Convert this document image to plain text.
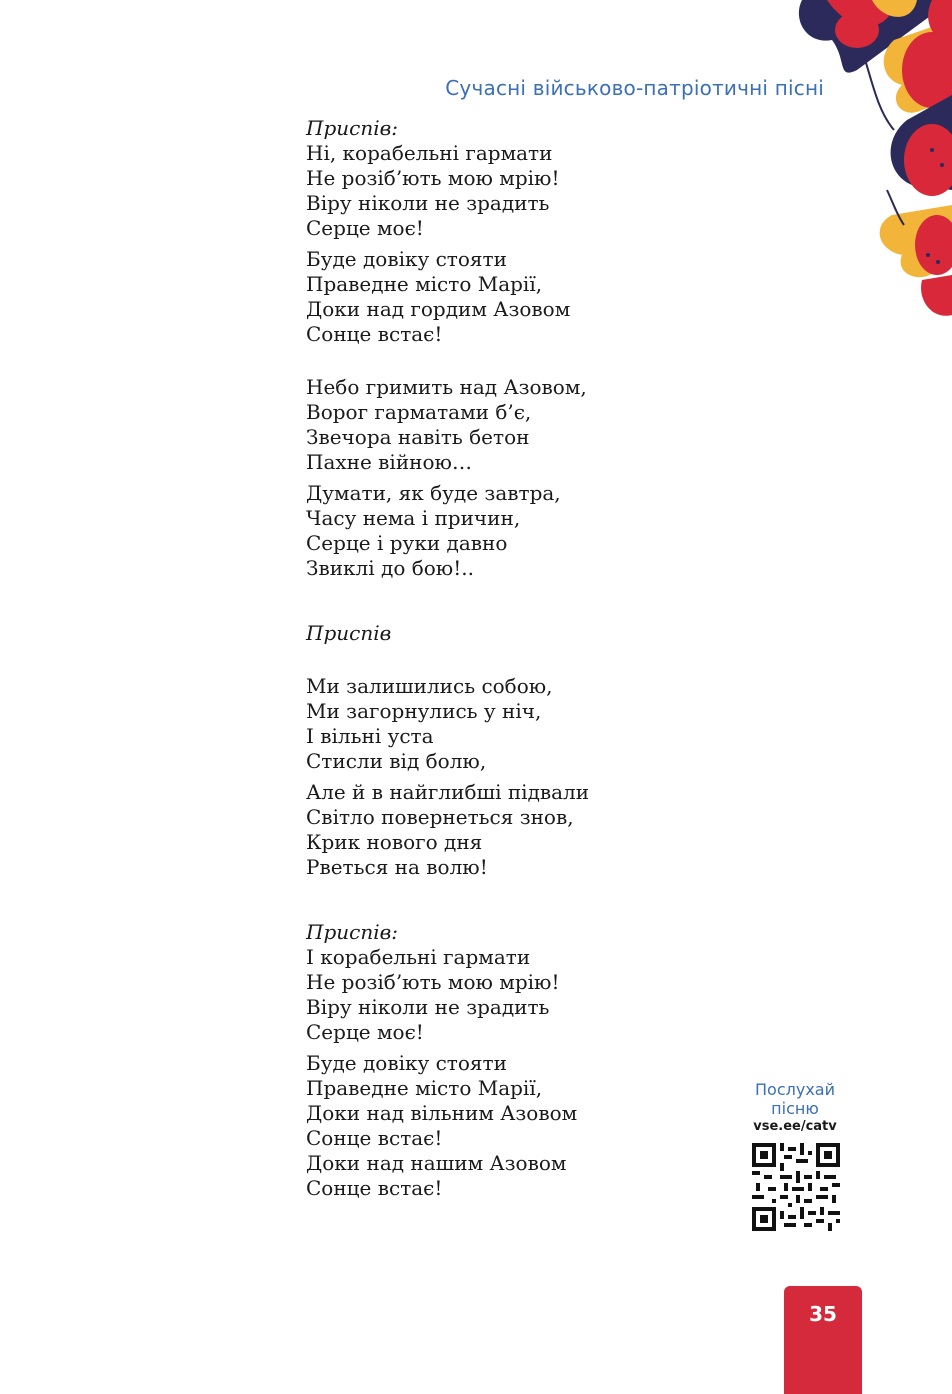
Сучасні військово-патріотичні пісні
Приспів:
Ні, корабельні гармати
Не розіб’ють мою мрію!
Віру ніколи не зрадить
Серце моє!
Буде довіку стояти
Праведне місто Марії,
Доки над гордим Азовом
Сонце встає!
Небо гримить над Азовом,
Ворог гарматами б’є,
Звечора навіть бетон
Пахне війною…
Думати, як буде завтра,
Часу нема і причин,
Серце і руки давно
Звиклі до бою!..
Приспів
Ми залишились собою,
Ми загорнулись у ніч,
І вільні уста
Стисли від болю,
Але й в найглибші підвали
Світло повернеться знов,
Крик нового дня
Рветься на волю!
Приспів:
І корабельні гармати
Не розіб’ють мою мрію!
Віру ніколи не зрадить
Серце моє!
Буде довіку стояти
Праведне місто Марії,
Доки над вільним Азовом
Сонце встає!
Доки над нашим Азовом
Сонце встає!
Послухай
пісню
vse.ee/catv
35
